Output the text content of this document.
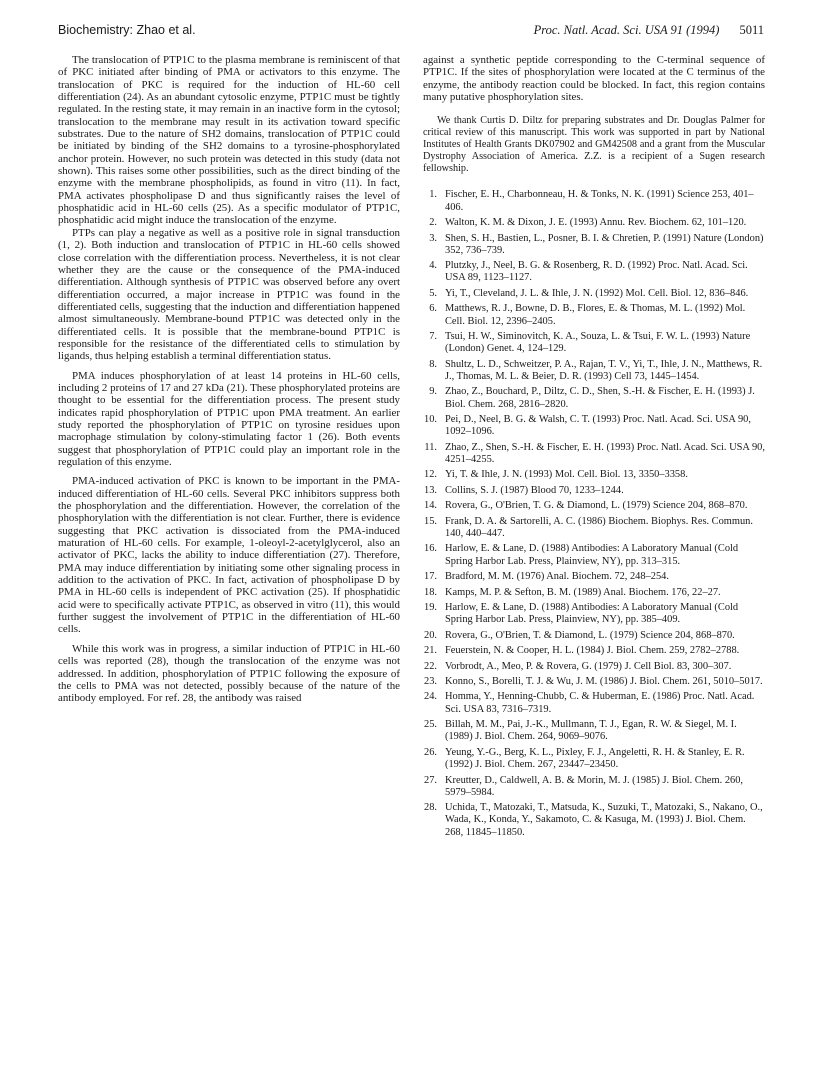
Biochemistry: Zhao et al.	Proc. Natl. Acad. Sci. USA 91 (1994) 5011

The translocation of PTP1C to the plasma membrane is reminiscent of that of PKC initiated after binding of PMA or activators to this enzyme. The translocation of PKC is required for the induction of HL-60 cell differentiation (24). As an abundant cytosolic enzyme, PTP1C must be tightly regulated. In the resting state, it may remain in an inactive form in the cytosol; translocation to the membrane may result in its activation toward specific substrates. Due to the nature of SH2 domains, translocation of PTP1C could be initiated by binding of the SH2 domains to a tyrosine-phosphorylated anchor protein. However, no such protein was detected in this study (data not shown). This raises some other possibilities, such as the direct binding of the enzyme with the membrane phospholipids, as found in vitro (11). In fact, PMA activates phospholipase D and thus significantly raises the level of phosphatidic acid in HL-60 cells (25). As a specific modulator of PTP1C, phosphatidic acid might induce the translocation of the enzyme.

PTPs can play a negative as well as a positive role in signal transduction (1, 2). Both induction and translocation of PTP1C in HL-60 cells showed close correlation with the differentiation process. Nevertheless, it is not clear whether they are the cause or the consequence of the PMA-induced differentiation. Although synthesis of PTP1C was observed before any overt differentiation occurred, a major increase in PTP1C was found in the differentiated cells, suggesting that the induction and differentiation happened almost simultaneously. Membrane-bound PTP1C was detected only in the differentiated cells. It is possible that the membrane-bound PTP1C is responsible for the resistance of the differentiated cells to stimulation by ligands, thus helping establish a terminal differentiation status.

PMA induces phosphorylation of at least 14 proteins in HL-60 cells, including 2 proteins of 17 and 27 kDa (21). These phosphorylated proteins are thought to be essential for the differentiation process. The present study indicates rapid phosphorylation of PTP1C upon PMA treatment. An earlier study reported the phosphorylation of PTP1C on tyrosine residues upon macrophage stimulation by colony-stimulating factor 1 (26). Both events suggest that phosphorylation of PTP1C could play an important role in the regulation of this enzyme.

PMA-induced activation of PKC is known to be important in the PMA-induced differentiation of HL-60 cells. Several PKC inhibitors suppress both the phosphorylation and the differentiation. However, the correlation of the phosphorylation with the differentiation is not clear. Further, there is evidence suggesting that PKC activation is dissociated from the PMA-induced maturation of HL-60 cells. For example, 1-oleoyl-2-acetylglycerol, also an activator of PKC, lacks the ability to induce differentiation (27). Therefore, PMA may induce differentiation by initiating some other signaling process in addition to the activation of PKC. In fact, activation of phospholipase D by PMA in HL-60 cells is independent of PKC activation (25). If phosphatidic acid were to specifically activate PTP1C, as observed in vitro (11), this would further suggest the involvement of PTP1C in the differentiation of HL-60 cells.

While this work was in progress, a similar induction of PTP1C in HL-60 cells was reported (28), though the translocation of the enzyme was not addressed. In addition, phosphorylation of PTP1C following the exposure of the cells to PMA was not detected, possibly because of the nature of the antibody employed. For ref. 28, the antibody was raised

against a synthetic peptide corresponding to the C-terminal sequence of PTP1C. If the sites of phosphorylation were located at the C terminus of the enzyme, the antibody reaction could be blocked. In fact, this region contains many putative phosphorylation sites.

We thank Curtis D. Diltz for preparing substrates and Dr. Douglas Palmer for critical review of this manuscript. This work was supported in part by National Institutes of Health Grants DK07902 and GM42508 and a grant from the Muscular Dystrophy Association of America. Z.Z. is a recipient of a Sugen research fellowship.

1. Fischer, E. H., Charbonneau, H. & Tonks, N. K. (1991) Science 253, 401–406.
2. Walton, K. M. & Dixon, J. E. (1993) Annu. Rev. Biochem. 62, 101–120.
3. Shen, S. H., Bastien, L., Posner, B. I. & Chretien, P. (1991) Nature (London) 352, 736–739.
4. Plutzky, J., Neel, B. G. & Rosenberg, R. D. (1992) Proc. Natl. Acad. Sci. USA 89, 1123–1127.
5. Yi, T., Cleveland, J. L. & Ihle, J. N. (1992) Mol. Cell. Biol. 12, 836–846.
6. Matthews, R. J., Bowne, D. B., Flores, E. & Thomas, M. L. (1992) Mol. Cell. Biol. 12, 2396–2405.
7. Tsui, H. W., Siminovitch, K. A., Souza, L. & Tsui, F. W. L. (1993) Nature (London) Genet. 4, 124–129.
8. Shultz, L. D., Schweitzer, P. A., Rajan, T. V., Yi, T., Ihle, J. N., Matthews, R. J., Thomas, M. L. & Beier, D. R. (1993) Cell 73, 1445–1454.
9. Zhao, Z., Bouchard, P., Diltz, C. D., Shen, S.-H. & Fischer, E. H. (1993) J. Biol. Chem. 268, 2816–2820.
10. Pei, D., Neel, B. G. & Walsh, C. T. (1993) Proc. Natl. Acad. Sci. USA 90, 1092–1096.
11. Zhao, Z., Shen, S.-H. & Fischer, E. H. (1993) Proc. Natl. Acad. Sci. USA 90, 4251–4255.
12. Yi, T. & Ihle, J. N. (1993) Mol. Cell. Biol. 13, 3350–3358.
13. Collins, S. J. (1987) Blood 70, 1233–1244.
14. Rovera, G., O'Brien, T. G. & Diamond, L. (1979) Science 204, 868–870.
15. Frank, D. A. & Sartorelli, A. C. (1986) Biochem. Biophys. Res. Commun. 140, 440–447.
16. Harlow, E. & Lane, D. (1988) Antibodies: A Laboratory Manual (Cold Spring Harbor Lab. Press, Plainview, NY), pp. 313–315.
17. Bradford, M. M. (1976) Anal. Biochem. 72, 248–254.
18. Kamps, M. P. & Sefton, B. M. (1989) Anal. Biochem. 176, 22–27.
19. Harlow, E. & Lane, D. (1988) Antibodies: A Laboratory Manual (Cold Spring Harbor Lab. Press, Plainview, NY), pp. 385–409.
20. Rovera, G., O'Brien, T. & Diamond, L. (1979) Science 204, 868–870.
21. Feuerstein, N. & Cooper, H. L. (1984) J. Biol. Chem. 259, 2782–2788.
22. Vorbrodt, A., Meo, P. & Rovera, G. (1979) J. Cell Biol. 83, 300–307.
23. Konno, S., Borelli, T. J. & Wu, J. M. (1986) J. Biol. Chem. 261, 5010–5017.
24. Homma, Y., Henning-Chubb, C. & Huberman, E. (1986) Proc. Natl. Acad. Sci. USA 83, 7316–7319.
25. Billah, M. M., Pai, J.-K., Mullmann, T. J., Egan, R. W. & Siegel, M. I. (1989) J. Biol. Chem. 264, 9069–9076.
26. Yeung, Y.-G., Berg, K. L., Pixley, F. J., Angeletti, R. H. & Stanley, E. R. (1992) J. Biol. Chem. 267, 23447–23450.
27. Kreutter, D., Caldwell, A. B. & Morin, M. J. (1985) J. Biol. Chem. 260, 5979–5984.
28. Uchida, T., Matozaki, T., Matsuda, K., Suzuki, T., Matozaki, S., Nakano, O., Wada, K., Konda, Y., Sakamoto, C. & Kasuga, M. (1993) J. Biol. Chem. 268, 11845–11850.
